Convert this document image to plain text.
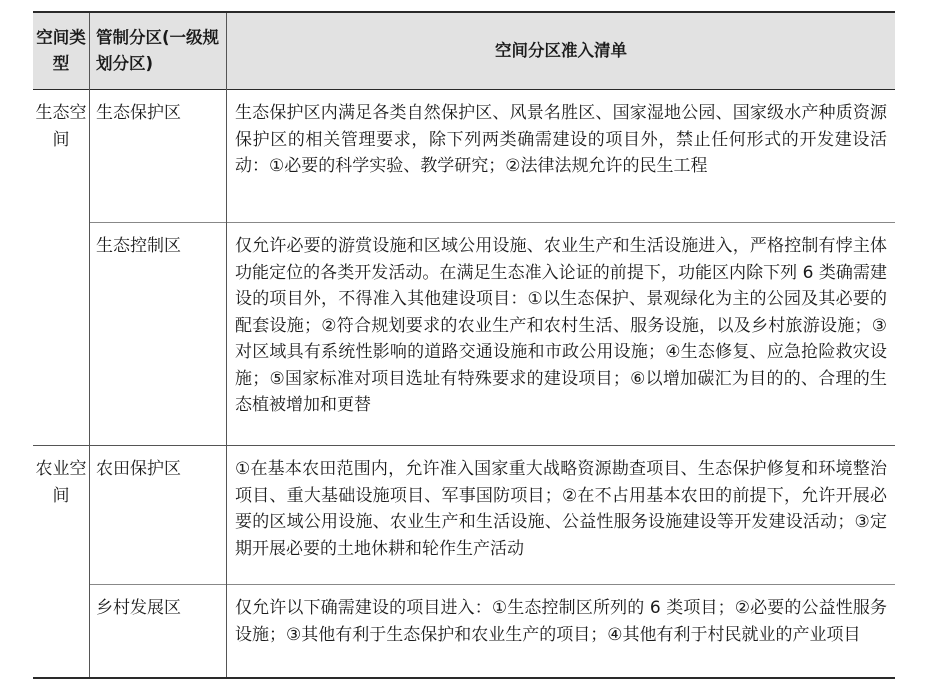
空间类型	管制分区(一级规划分区)	空间分区准入清单
生态空间	生态保护区	生态保护区内满足各类自然保护区、风景名胜区、国家湿地公园、国家级水产种质资源保护区的相关管理要求，除下列两类确需建设的项目外，禁止任何形式的开发建设活动：①必要的科学实验、教学研究；②法律法规允许的民生工程
	生态控制区	仅允许必要的游赏设施和区域公用设施、农业生产和生活设施进入，严格控制有悖主体功能定位的各类开发活动。在满足生态准入论证的前提下，功能区内除下列 6 类确需建设的项目外，不得准入其他建设项目：①以生态保护、景观绿化为主的公园及其必要的配套设施；②符合规划要求的农业生产和农村生活、服务设施，以及乡村旅游设施；③对区域具有系统性影响的道路交通设施和市政公用设施；④生态修复、应急抢险救灾设施；⑤国家标准对项目选址有特殊要求的建设项目；⑥以增加碳汇为目的的、合理的生态植被增加和更替
农业空间	农田保护区	①在基本农田范围内，允许准入国家重大战略资源勘查项目、生态保护修复和环境整治项目、重大基础设施项目、军事国防项目；②在不占用基本农田的前提下，允许开展必要的区域公用设施、农业生产和生活设施、公益性服务设施建设等开发建设活动；③定期开展必要的土地休耕和轮作生产活动
	乡村发展区	仅允许以下确需建设的项目进入：①生态控制区所列的 6 类项目；②必要的公益性服务设施；③其他有利于生态保护和农业生产的项目；④其他有利于村民就业的产业项目
